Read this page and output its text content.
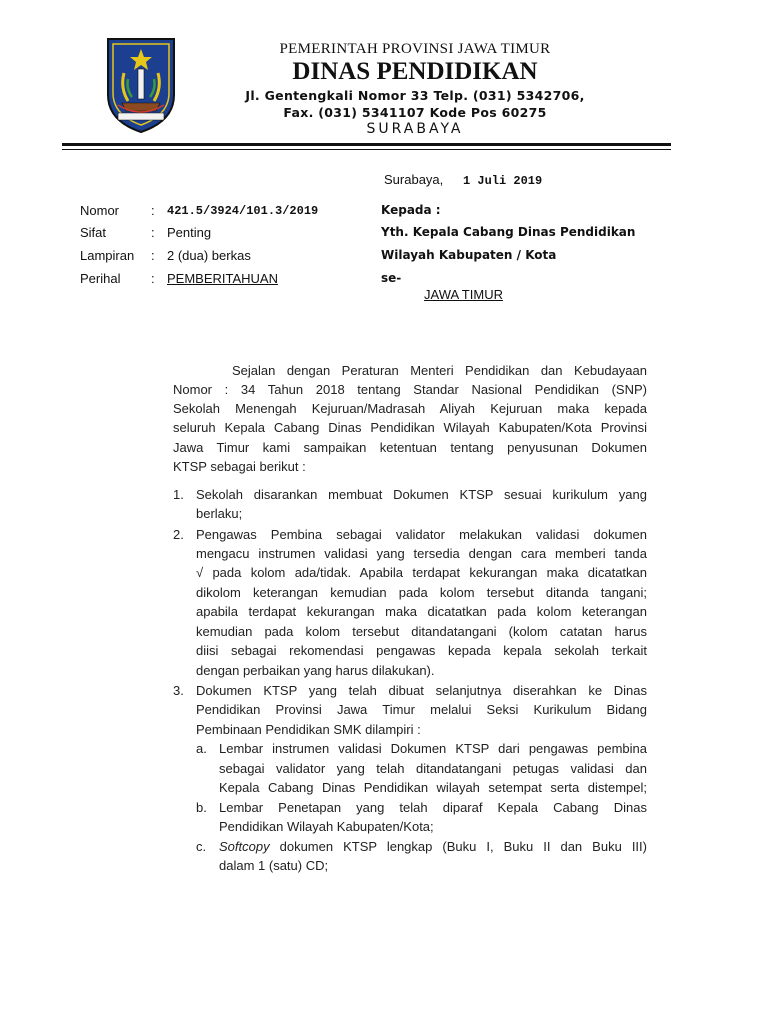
PEMERINTAH PROVINSI JAWA TIMUR
DINAS PENDIDIKAN
Jl. Gentengkali Nomor 33 Telp. (031) 5342706,
Fax. (031) 5341107 Kode Pos 60275
SURABAYA
Surabaya, 1 Juli 2019
Nomor : 421.5/3924/101.3/2019
Sifat	: Penting
Lampiran : 2 (dua) berkas
Perihal : PEMBERITAHUAN
Kepada :
Yth. Kepala Cabang Dinas Pendidikan
Wilayah Kabupaten / Kota
se-
JAWA TIMUR
Sejalan dengan Peraturan Menteri Pendidikan dan Kebudayaan
Nomor : 34 Tahun 2018 tentang Standar Nasional Pendidikan (SNP)
Sekolah Menengah Kejuruan/Madrasah Aliyah Kejuruan maka kepada
seluruh Kepala Cabang Dinas Pendidikan Wilayah Kabupaten/Kota Provinsi
Jawa Timur kami sampaikan ketentuan tentang penyusunan Dokumen
KTSP sebagai berikut :
1. Sekolah disarankan membuat Dokumen KTSP sesuai kurikulum yang
berlaku;
2. Pengawas Pembina sebagai validator melakukan validasi dokumen
mengacu instrumen validasi yang tersedia dengan cara memberi tanda
√ pada kolom ada/tidak. Apabila terdapat kekurangan maka dicatatkan
dikolom keterangan kemudian pada kolom tersebut ditanda tangani;
apabila terdapat kekurangan maka dicatatkan pada kolom keterangan
kemudian pada kolom tersebut ditandatangani (kolom catatan harus
diisi sebagai rekomendasi pengawas kepada kepala sekolah terkait
dengan perbaikan yang harus dilakukan).
3. Dokumen KTSP yang telah dibuat selanjutnya diserahkan ke Dinas
Pendidikan Provinsi Jawa Timur melalui Seksi Kurikulum Bidang
Pembinaan Pendidikan SMK dilampiri :
a. Lembar instrumen validasi Dokumen KTSP dari pengawas pembina
sebagai validator yang telah ditandatangani petugas validasi dan
Kepala Cabang Dinas Pendidikan wilayah setempat serta distempel;
b. Lembar Penetapan yang telah diparaf Kepala Cabang Dinas
Pendidikan Wilayah Kabupaten/Kota;
c. Softcopy dokumen KTSP lengkap (Buku I, Buku II dan Buku III)
dalam 1 (satu) CD;
